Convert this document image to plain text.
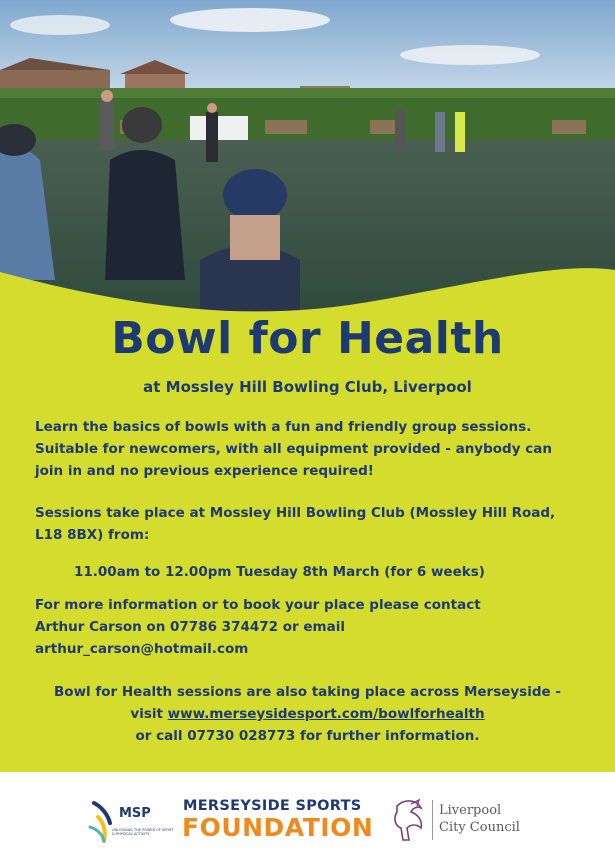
Bowl for Health
at Mossley Hill Bowling Club, Liverpool
Learn the basics of bowls with a fun and friendly group sessions.
Suitable for newcomers, with all equipment provided - anybody can
join in and no previous experience required!
Sessions take place at Mossley Hill Bowling Club (Mossley Hill Road,
L18 8BX) from:
11.00am to 12.00pm Tuesday 8th March (for 6 weeks)
For more information or to book your place please contact
Arthur Carson on 07786 374472 or email
arthur_carson@hotmail.com
Bowl for Health sessions are also taking place across Merseyside -
visit www.merseysidesport.com/bowlforhealth
or call 07730 028773 for further information.
MSP
UNLOCKING THE POWER OF SPORT & PHYSICAL ACTIVITY
MERSEYSIDE SPORTS
FOUNDATION
Liverpool
City Council
